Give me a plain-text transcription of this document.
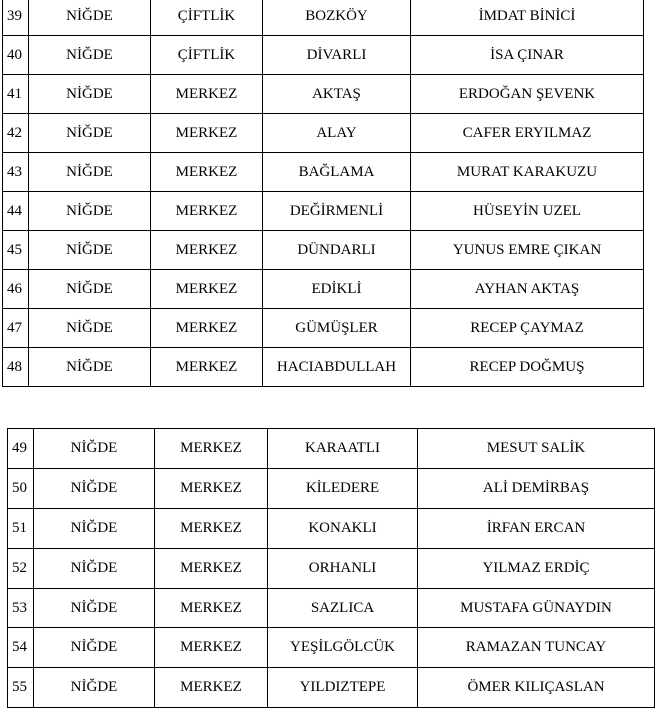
39	NİĞDE	ÇİFTLİK	BOZKÖY	İMDAT BİNİCİ
40	NİĞDE	ÇİFTLİK	DİVARLI	İSA ÇINAR
41	NİĞDE	MERKEZ	AKTAŞ	ERDOĞAN ŞEVENK
42	NİĞDE	MERKEZ	ALAY	CAFER ERYILMAZ
43	NİĞDE	MERKEZ	BAĞLAMA	MURAT KARAKUZU
44	NİĞDE	MERKEZ	DEĞİRMENLİ	HÜSEYİN UZEL
45	NİĞDE	MERKEZ	DÜNDARLI	YUNUS EMRE ÇIKAN
46	NİĞDE	MERKEZ	EDİKLİ	AYHAN AKTAŞ
47	NİĞDE	MERKEZ	GÜMÜŞLER	RECEP ÇAYMAZ
48	NİĞDE	MERKEZ	HACIABDULLAH	RECEP DOĞMUŞ
49	NİĞDE	MERKEZ	KARAATLI	MESUT SALİK
50	NİĞDE	MERKEZ	KİLEDERE	ALİ DEMİRBAŞ
51	NİĞDE	MERKEZ	KONAKLI	İRFAN ERCAN
52	NİĞDE	MERKEZ	ORHANLI	YILMAZ ERDİÇ
53	NİĞDE	MERKEZ	SAZLICA	MUSTAFA GÜNAYDIN
54	NİĞDE	MERKEZ	YEŞİLGÖLCÜK	RAMAZAN TUNCAY
55	NİĞDE	MERKEZ	YILDIZTEPE	ÖMER KILIÇASLAN
